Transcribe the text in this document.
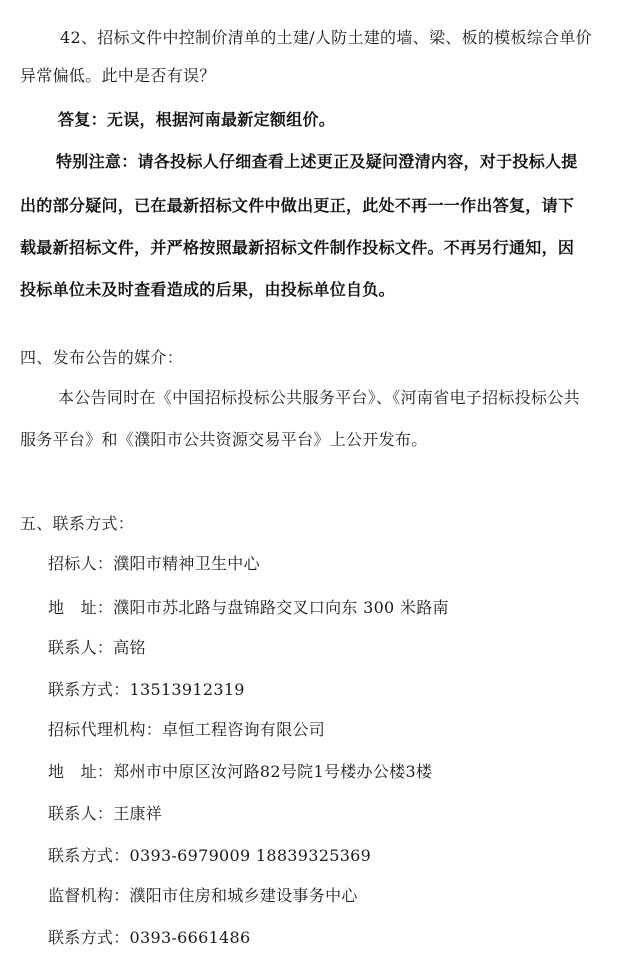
42、招标文件中控制价清单的土建/人防土建的墙、梁、板的模板综合单价
异常偏低。此中是否有误？
答复：无误，根据河南最新定额组价。
特别注意：请各投标人仔细查看上述更正及疑问澄清内容，对于投标人提
出的部分疑问，已在最新招标文件中做出更正，此处不再一一作出答复，请下
载最新招标文件，并严格按照最新招标文件制作投标文件。不再另行通知，因
投标单位未及时查看造成的后果，由投标单位自负。
四、发布公告的媒介：
本公告同时在《中国招标投标公共服务平台》、《河南省电子招标投标公共
服务平台》和《濮阳市公共资源交易平台》上公开发布。
五、联系方式：
招标人：濮阳市精神卫生中心
地　址：濮阳市苏北路与盘锦路交叉口向东 300 米路南
联系人：高铭
联系方式：13513912319
招标代理机构：卓恒工程咨询有限公司
地　址：郑州市中原区汝河路82号院1号楼办公楼3楼
联系人：王康祥
联系方式：0393-6979009 18839325369
监督机构：濮阳市住房和城乡建设事务中心
联系方式：0393-6661486
